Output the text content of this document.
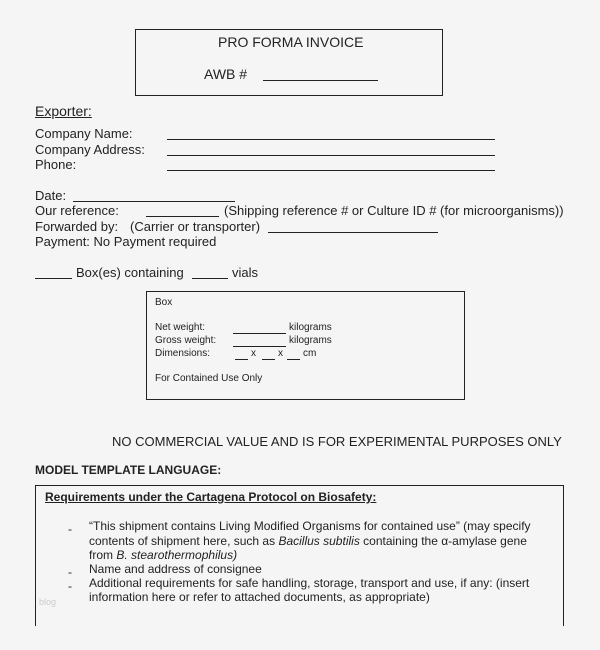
PRO FORMA INVOICE
AWB #
Exporter:
Company Name:
Company Address:
Phone:
Date:
Our reference:	(Shipping reference # or Culture ID # (for microorganisms))
Forwarded by: (Carrier or transporter)
Payment: No Payment required
Box(es) containing	vials
Box
Net weight:	kilograms
Gross weight:	kilograms
Dimensions:	x x cm
For Contained Use Only
NO COMMERCIAL VALUE AND IS FOR EXPERIMENTAL PURPOSES ONLY
MODEL TEMPLATE LANGUAGE:
Requirements under the Cartagena Protocol on Biosafety:
- “This shipment contains Living Modified Organisms for contained use” (may specify
contents of shipment here, such as Bacillus subtilis containing the α-amylase gene
from B. stearothermophilus)
- Name and address of consignee
- Additional requirements for safe handling, storage, transport and use, if any: (insert
information here or refer to attached documents, as appropriate)
blog
